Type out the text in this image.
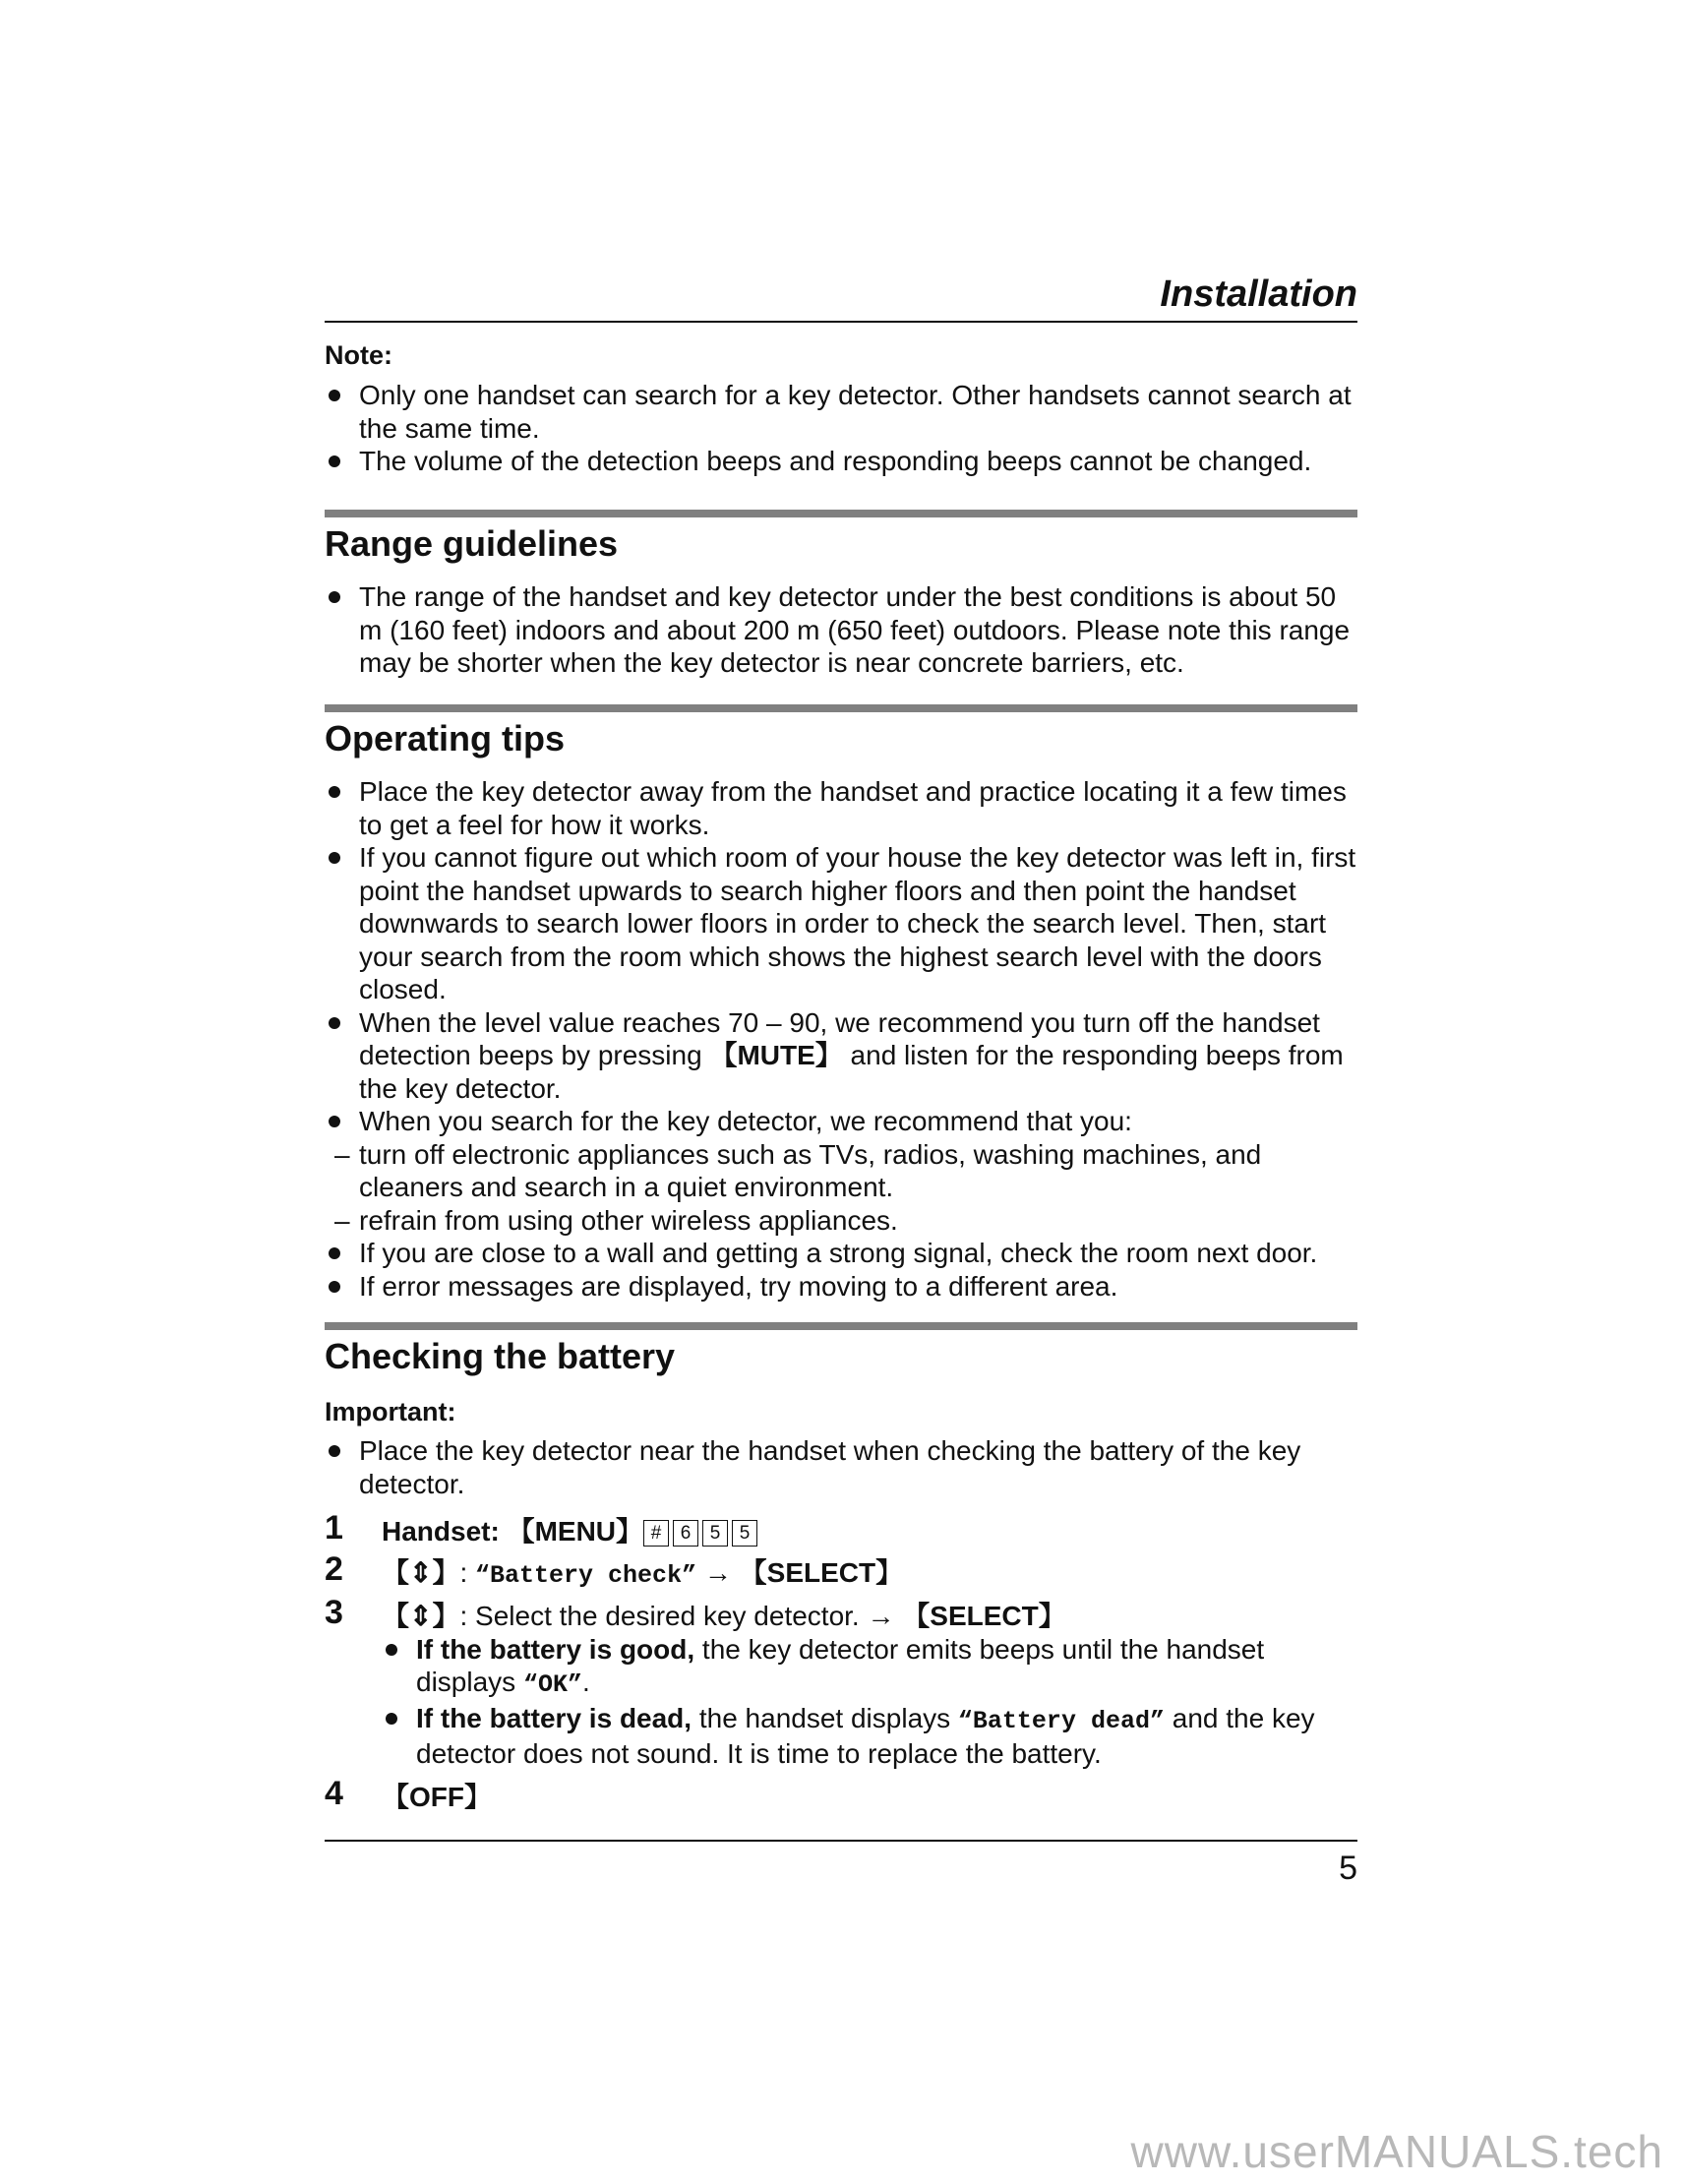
Installation
Note:
Only one handset can search for a key detector. Other handsets cannot search at the same time.
The volume of the detection beeps and responding beeps cannot be changed.
Range guidelines
The range of the handset and key detector under the best conditions is about 50 m (160 feet) indoors and about 200 m (650 feet) outdoors. Please note this range may be shorter when the key detector is near concrete barriers, etc.
Operating tips
Place the key detector away from the handset and practice locating it a few times to get a feel for how it works.
If you cannot figure out which room of your house the key detector was left in, first point the handset upwards to search higher floors and then point the handset downwards to search lower floors in order to check the search level. Then, start your search from the room which shows the highest search level with the doors closed.
When the level value reaches 70 – 90, we recommend you turn off the handset detection beeps by pressing 【MUTE】 and listen for the responding beeps from the key detector.
When you search for the key detector, we recommend that you:
– turn off electronic appliances such as TVs, radios, washing machines, and cleaners and search in a quiet environment.
– refrain from using other wireless appliances.
If you are close to a wall and getting a strong signal, check the room next door.
If error messages are displayed, try moving to a different area.
Checking the battery
Important:
Place the key detector near the handset when checking the battery of the key detector.
1 Handset: 【MENU】 # 6 5 5
2 【⇕】: “Battery check” → 【SELECT】
3 【⇕】: Select the desired key detector. → 【SELECT】
If the battery is good, the key detector emits beeps until the handset displays “OK”.
If the battery is dead, the handset displays “Battery dead” and the key detector does not sound. It is time to replace the battery.
4 【OFF】
5
www.userMANUALS.tech
